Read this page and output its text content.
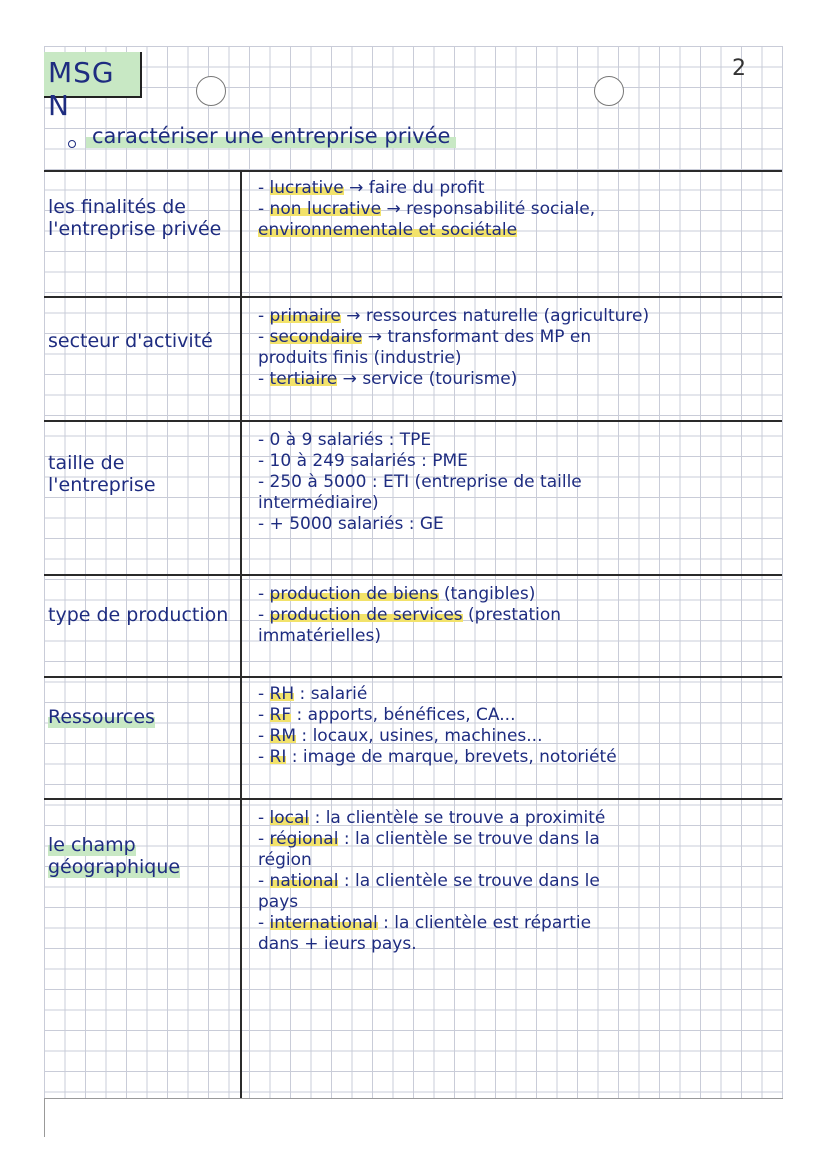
MSG N
2
caractériser une entreprise privée
les finalités de l'entreprise privée
- lucrative → faire du profit
- non lucrative → responsabilité sociale,
environnementale et sociétale
secteur d'activité
- primaire → ressources naturelle (agriculture)
- secondaire → transformant des MP en
produits finis (industrie)
- tertiaire → service (tourisme)
taille de l'entreprise
- 0 à 9 salariés : TPE
- 10 à 249 salariés : PME
- 250 à 5000 : ETI (entreprise de taille
intermédiaire)
- + 5000 salariés : GE
type de production
- production de biens (tangibles)
- production de services (prestation
immatérielles)
Ressources
- RH : salarié
- RF : apports, bénéfices, CA...
- RM : locaux, usines, machines...
- RI : image de marque, brevets, notoriété
le champ géographique
- local : la clientèle se trouve a proximité
- régional : la clientèle se trouve dans la
région
- national : la clientèle se trouve dans le
pays
- international : la clientèle est répartie
dans + ieurs pays.
